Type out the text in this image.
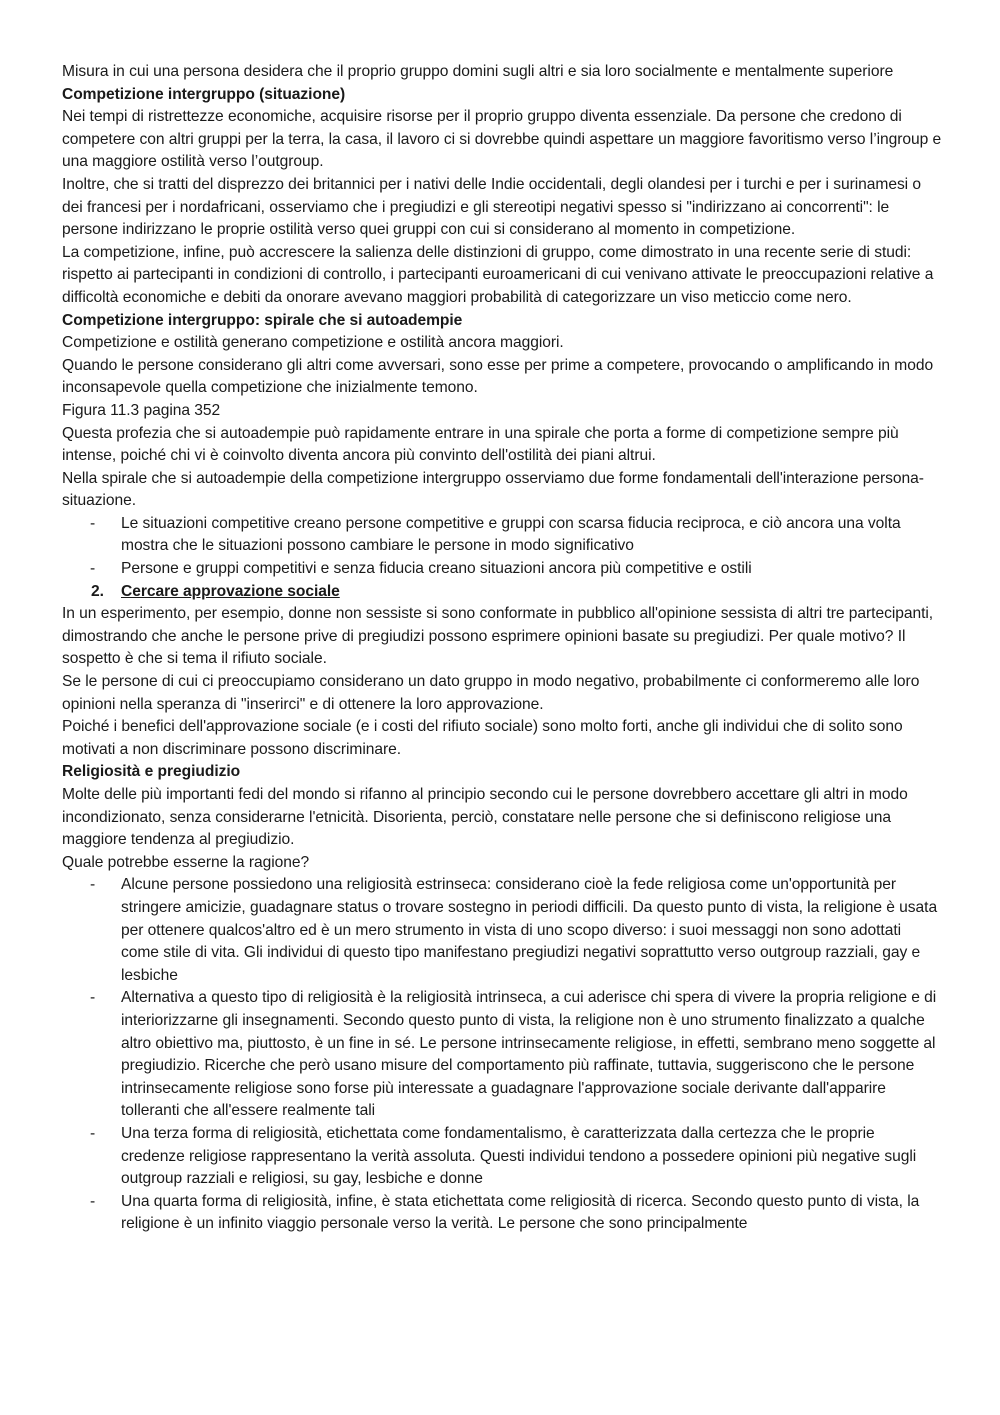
Misura in cui una persona desidera che il proprio gruppo domini sugli altri e sia loro socialmente e mentalmente superiore

Competizione intergruppo (situazione)

Nei tempi di ristrettezze economiche, acquisire risorse per il proprio gruppo diventa essenziale. Da persone che credono di competere con altri gruppi per la terra, la casa, il lavoro ci si dovrebbe quindi aspettare un maggiore favoritismo verso l’ingroup e una maggiore ostilità verso l’outgroup.

Inoltre, che si tratti del disprezzo dei britannici per i nativi delle Indie occidentali, degli olandesi per i turchi e per i surinamesi o dei francesi per i nordafricani, osserviamo che i pregiudizi e gli stereotipi negativi spesso si "indirizzano ai concorrenti": le persone indirizzano le proprie ostilità verso quei gruppi con cui si considerano al momento in competizione.

La competizione, infine, può accrescere la salienza delle distinzioni di gruppo, come dimostrato in una recente serie di studi: rispetto ai partecipanti in condizioni di controllo, i partecipanti euroamericani di cui venivano attivate le preoccupazioni relative a difficoltà economiche e debiti da onorare avevano maggiori probabilità di categorizzare un viso meticcio come nero.

Competizione intergruppo: spirale che si autoadempie

Competizione e ostilità generano competizione e ostilità ancora maggiori.

Quando le persone considerano gli altri come avversari, sono esse per prime a competere, provocando o amplificando in modo inconsapevole quella competizione che inizialmente temono.

Figura 11.3 pagina 352

Questa profezia che si autoadempie può rapidamente entrare in una spirale che porta a forme di competizione sempre più intense, poiché chi vi è coinvolto diventa ancora più convinto dell'ostilità dei piani altrui.

Nella spirale che si autoadempie della competizione intergruppo osserviamo due forme fondamentali dell'interazione persona-situazione.

- Le situazioni competitive creano persone competitive e gruppi con scarsa fiducia reciproca, e ciò ancora una volta mostra che le situazioni possono cambiare le persone in modo significativo
- Persone e gruppi competitivi e senza fiducia creano situazioni ancora più competitive e ostili

2. Cercare approvazione sociale

In un esperimento, per esempio, donne non sessiste si sono conformate in pubblico all'opinione sessista di altri tre partecipanti, dimostrando che anche le persone prive di pregiudizi possono esprimere opinioni basate su pregiudizi. Per quale motivo? Il sospetto è che si tema il rifiuto sociale.

Se le persone di cui ci preoccupiamo considerano un dato gruppo in modo negativo, probabilmente ci conformeremo alle loro opinioni nella speranza di "inserirci" e di ottenere la loro approvazione.

Poiché i benefici dell'approvazione sociale (e i costi del rifiuto sociale) sono molto forti, anche gli individui che di solito sono motivati a non discriminare possono discriminare.

Religiosità e pregiudizio

Molte delle più importanti fedi del mondo si rifanno al principio secondo cui le persone dovrebbero accettare gli altri in modo incondizionato, senza considerarne l'etnicità. Disorienta, perciò, constatare nelle persone che si definiscono religiose una maggiore tendenza al pregiudizio.

Quale potrebbe esserne la ragione?

- Alcune persone possiedono una religiosità estrinseca: considerano cioè la fede religiosa come un'opportunità per stringere amicizie, guadagnare status o trovare sostegno in periodi difficili. Da questo punto di vista, la religione è usata per ottenere qualcos'altro ed è un mero strumento in vista di uno scopo diverso: i suoi messaggi non sono adottati come stile di vita. Gli individui di questo tipo manifestano pregiudizi negativi soprattutto verso outgroup razziali, gay e lesbiche
- Alternativa a questo tipo di religiosità è la religiosità intrinseca, a cui aderisce chi spera di vivere la propria religione e di interiorizzarne gli insegnamenti. Secondo questo punto di vista, la religione non è uno strumento finalizzato a qualche altro obiettivo ma, piuttosto, è un fine in sé. Le persone intrinsecamente religiose, in effetti, sembrano meno soggette al pregiudizio. Ricerche che però usano misure del comportamento più raffinate, tuttavia, suggeriscono che le persone intrinsecamente religiose sono forse più interessate a guadagnare l'approvazione sociale derivante dall'apparire tolleranti che all'essere realmente tali
- Una terza forma di religiosità, etichettata come fondamentalismo, è caratterizzata dalla certezza che le proprie credenze religiose rappresentano la verità assoluta. Questi individui tendono a possedere opinioni più negative sugli outgroup razziali e religiosi, su gay, lesbiche e donne
- Una quarta forma di religiosità, infine, è stata etichettata come religiosità di ricerca. Secondo questo punto di vista, la religione è un infinito viaggio personale verso la verità. Le persone che sono principalmente
